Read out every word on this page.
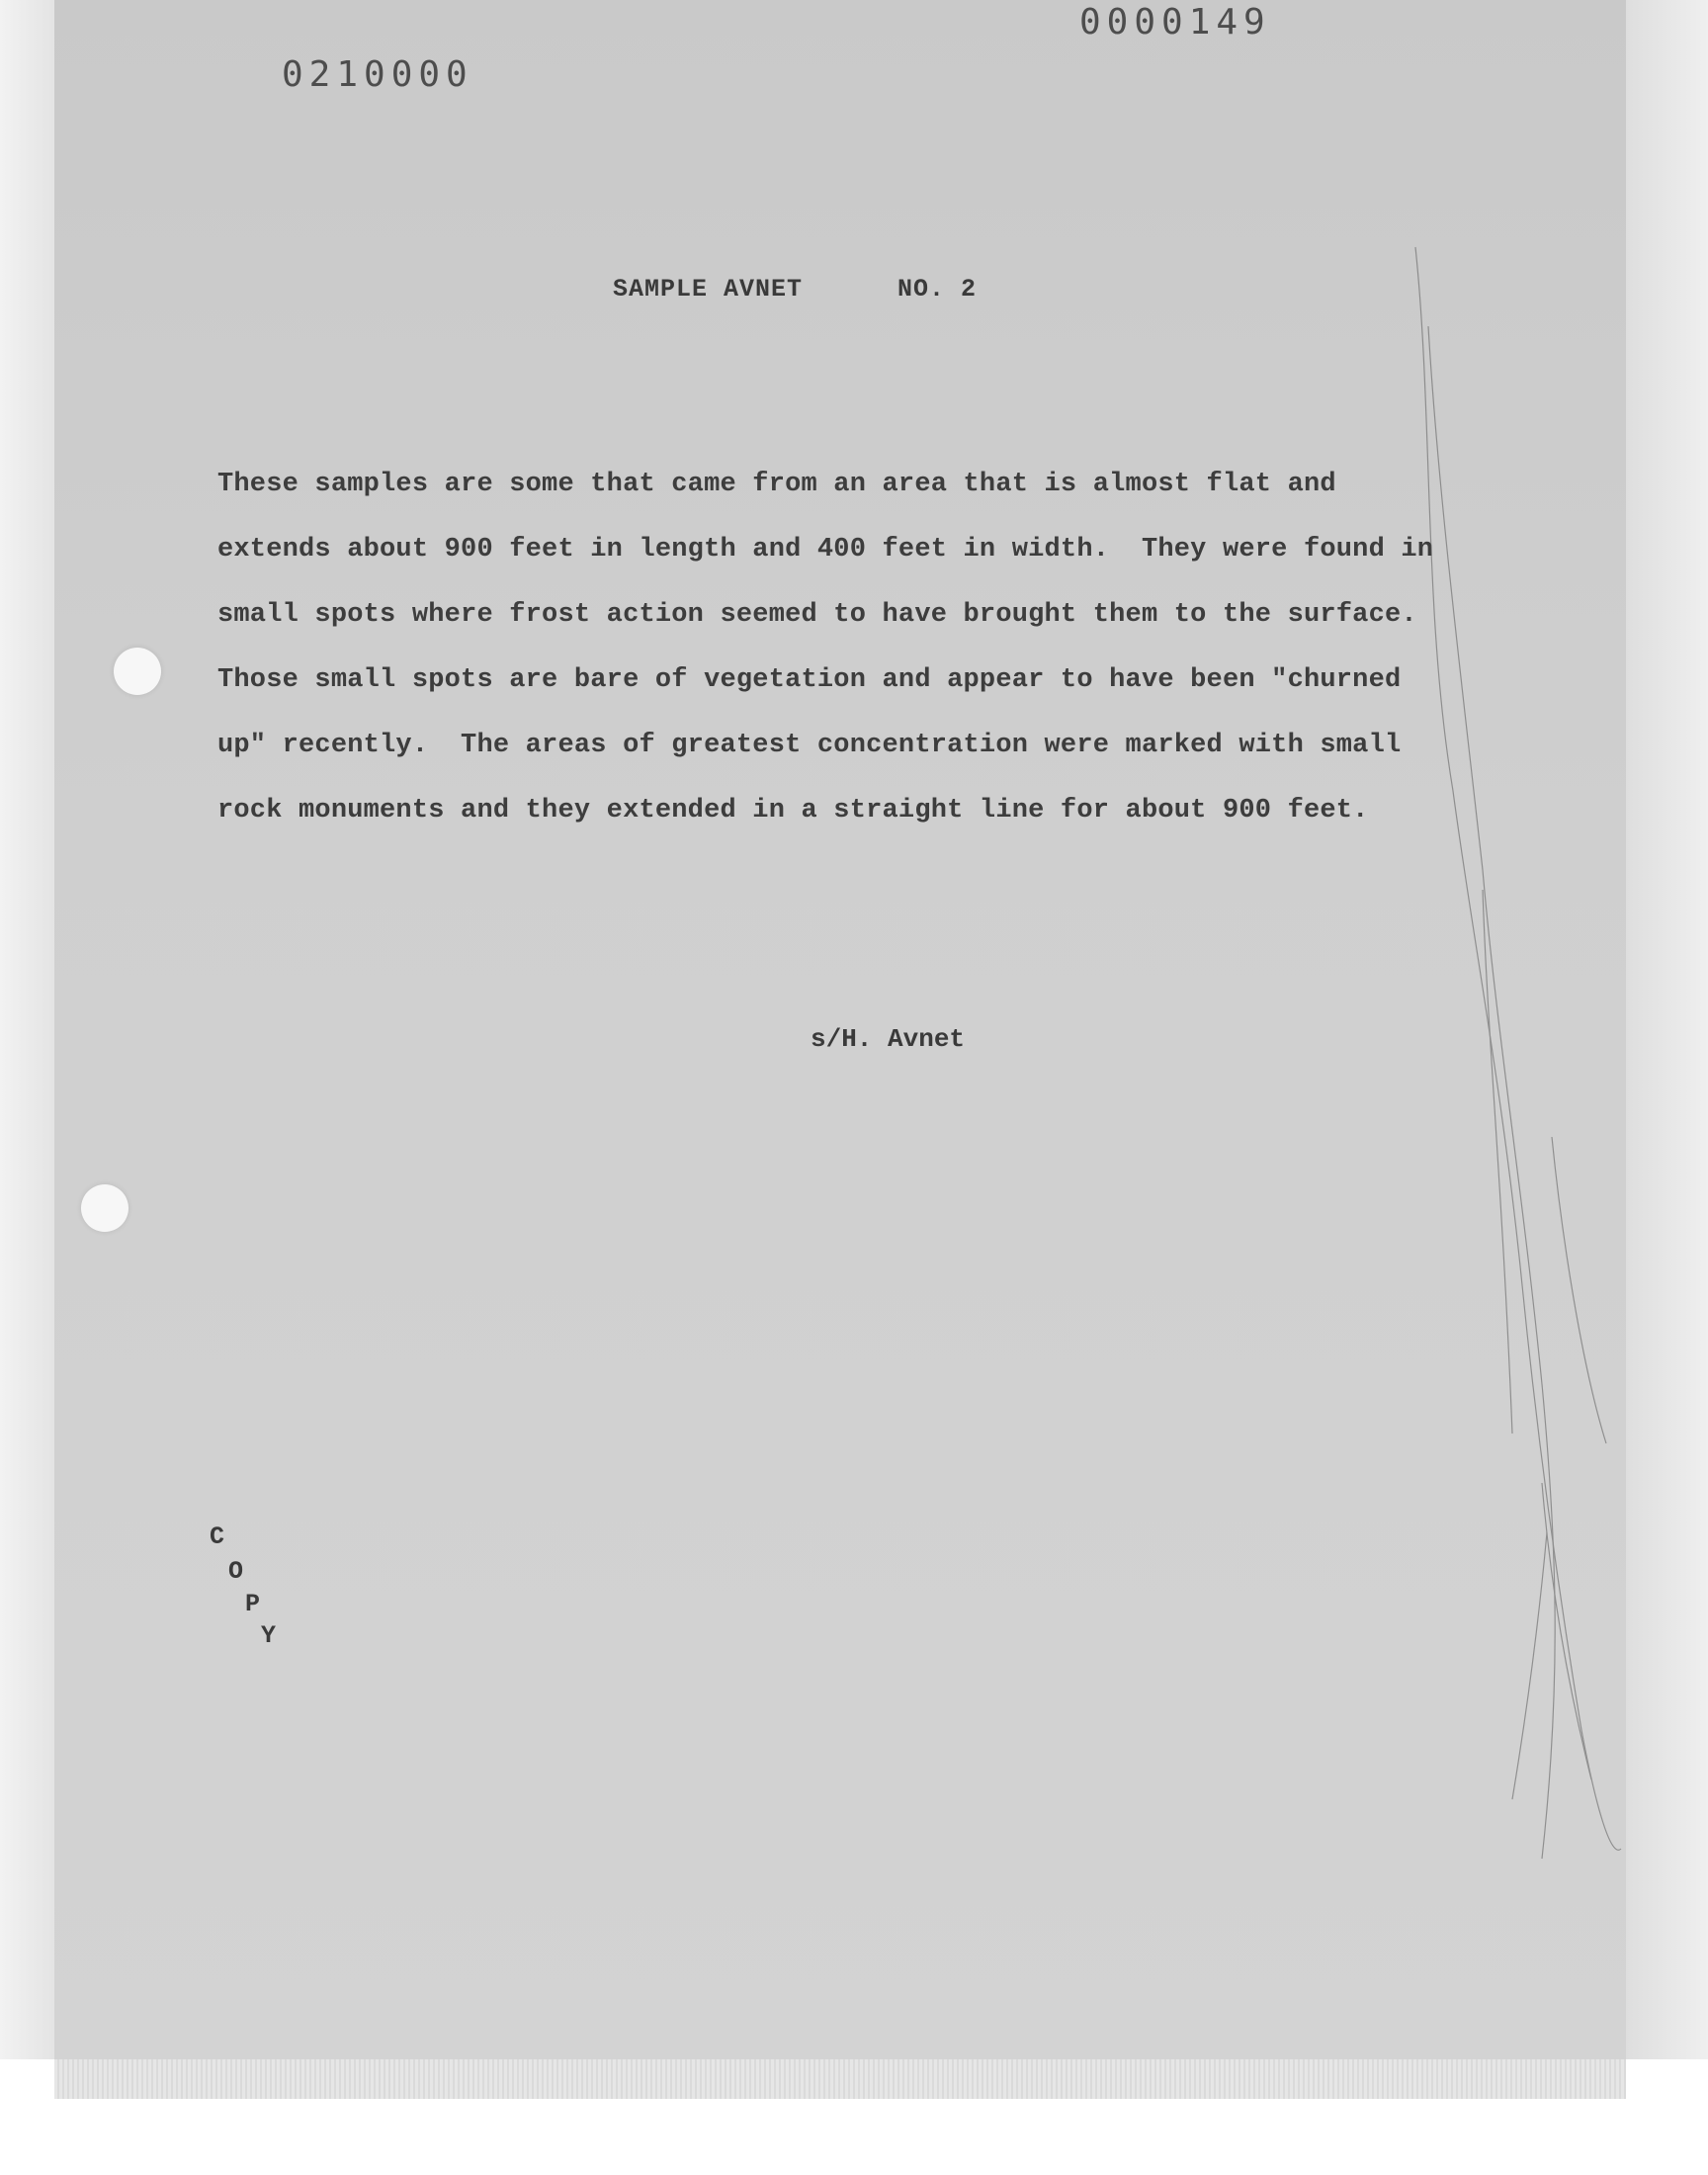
0000149
0210000
SAMPLE AVNET      NO. 2
These samples are some that came from an area that is almost flat and
extends about 900 feet in length and 400 feet in width.  They were found in
small spots where frost action seemed to have brought them to the surface.
Those small spots are bare of vegetation and appear to have been "churned
up" recently.  The areas of greatest concentration were marked with small
rock monuments and they extended in a straight line for about 900 feet.
s/H. Avnet
C
O
P
Y
